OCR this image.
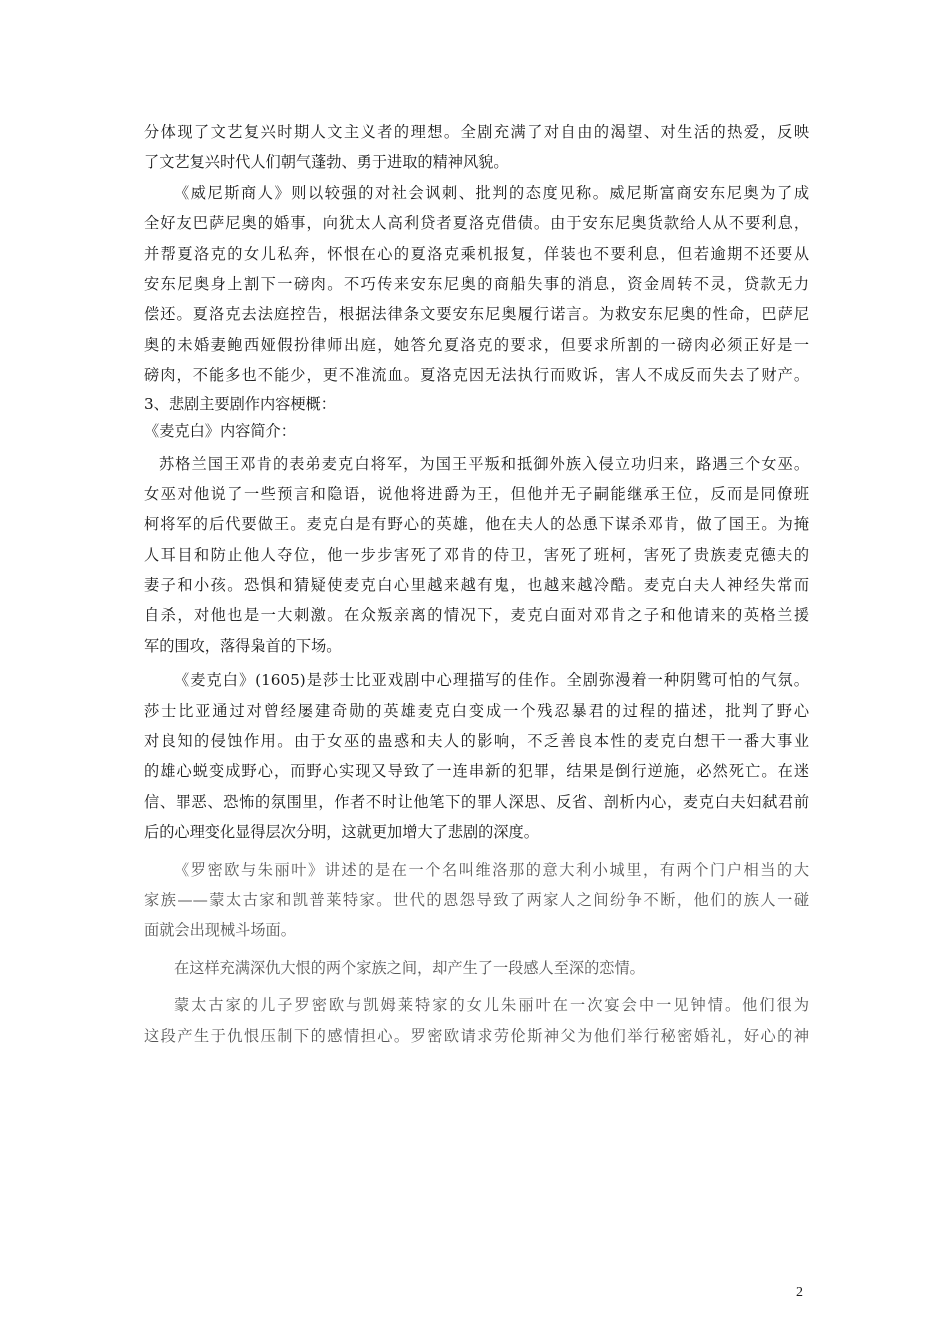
分体现了文艺复兴时期人文主义者的理想。全剧充满了对自由的渴望、对生活的热爱，反映
了文艺复兴时代人们朝气蓬勃、勇于进取的精神风貌。
《威尼斯商人》则以较强的对社会讽刺、批判的态度见称。威尼斯富商安东尼奥为了成
全好友巴萨尼奥的婚事，向犹太人高利贷者夏洛克借债。由于安东尼奥货款给人从不要利息，
并帮夏洛克的女儿私奔，怀恨在心的夏洛克乘机报复，佯装也不要利息，但若逾期不还要从
安东尼奥身上割下一磅肉。不巧传来安东尼奥的商船失事的消息，资金周转不灵，贷款无力
偿还。夏洛克去法庭控告，根据法律条文要安东尼奥履行诺言。为救安东尼奥的性命，巴萨尼
奥的未婚妻鲍西娅假扮律师出庭，她答允夏洛克的要求，但要求所割的一磅肉必须正好是一
磅肉，不能多也不能少，更不准流血。夏洛克因无法执行而败诉，害人不成反而失去了财产。
3、悲剧主要剧作内容梗概：
《麦克白》内容简介：
苏格兰国王邓肯的表弟麦克白将军，为国王平叛和抵御外族入侵立功归来，路遇三个女巫。
女巫对他说了一些预言和隐语，说他将进爵为王，但他并无子嗣能继承王位，反而是同僚班
柯将军的后代要做王。麦克白是有野心的英雄，他在夫人的怂恿下谋杀邓肯，做了国王。为掩
人耳目和防止他人夺位，他一步步害死了邓肯的侍卫，害死了班柯，害死了贵族麦克德夫的
妻子和小孩。恐惧和猜疑使麦克白心里越来越有鬼，也越来越冷酷。麦克白夫人神经失常而
自杀，对他也是一大刺激。在众叛亲离的情况下，麦克白面对邓肯之子和他请来的英格兰援
军的围攻，落得枭首的下场。
《麦克白》(1605)是莎士比亚戏剧中心理描写的佳作。全剧弥漫着一种阴骘可怕的气氛。
莎士比亚通过对曾经屡建奇勋的英雄麦克白变成一个残忍暴君的过程的描述，批判了野心
对良知的侵蚀作用。由于女巫的蛊惑和夫人的影响，不乏善良本性的麦克白想干一番大事业
的雄心蜕变成野心，而野心实现又导致了一连串新的犯罪，结果是倒行逆施，必然死亡。在迷
信、罪恶、恐怖的氛围里，作者不时让他笔下的罪人深思、反省、剖析内心，麦克白夫妇弑君前
后的心理变化显得层次分明，这就更加增大了悲剧的深度。
《罗密欧与朱丽叶》讲述的是在一个名叫维洛那的意大利小城里，有两个门户相当的大
家族——蒙太古家和凯普莱特家。世代的恩怨导致了两家人之间纷争不断，他们的族人一碰
面就会出现械斗场面。
在这样充满深仇大恨的两个家族之间，却产生了一段感人至深的恋情。
蒙太古家的儿子罗密欧与凯姆莱特家的女儿朱丽叶在一次宴会中一见钟情。他们很为
这段产生于仇恨压制下的感情担心。罗密欧请求劳伦斯神父为他们举行秘密婚礼，好心的神
2
